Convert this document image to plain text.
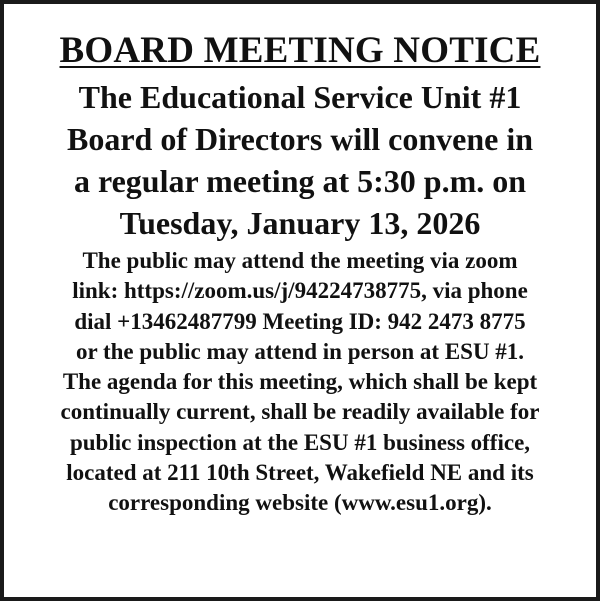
BOARD MEETING NOTICE
The Educational Service Unit #1
Board of Directors will convene in
a regular meeting at 5:30 p.m. on
Tuesday, January 13, 2026
The public may attend the meeting via zoom
link: https://zoom.us/j/94224738775, via phone
dial +13462487799 Meeting ID: 942 2473 8775
or the public may attend in person at ESU #1.
The agenda for this meeting, which shall be kept
continually current, shall be readily available for
public inspection at the ESU #1 business office,
located at 211 10th Street, Wakefield NE and its
corresponding website (www.esu1.org).
